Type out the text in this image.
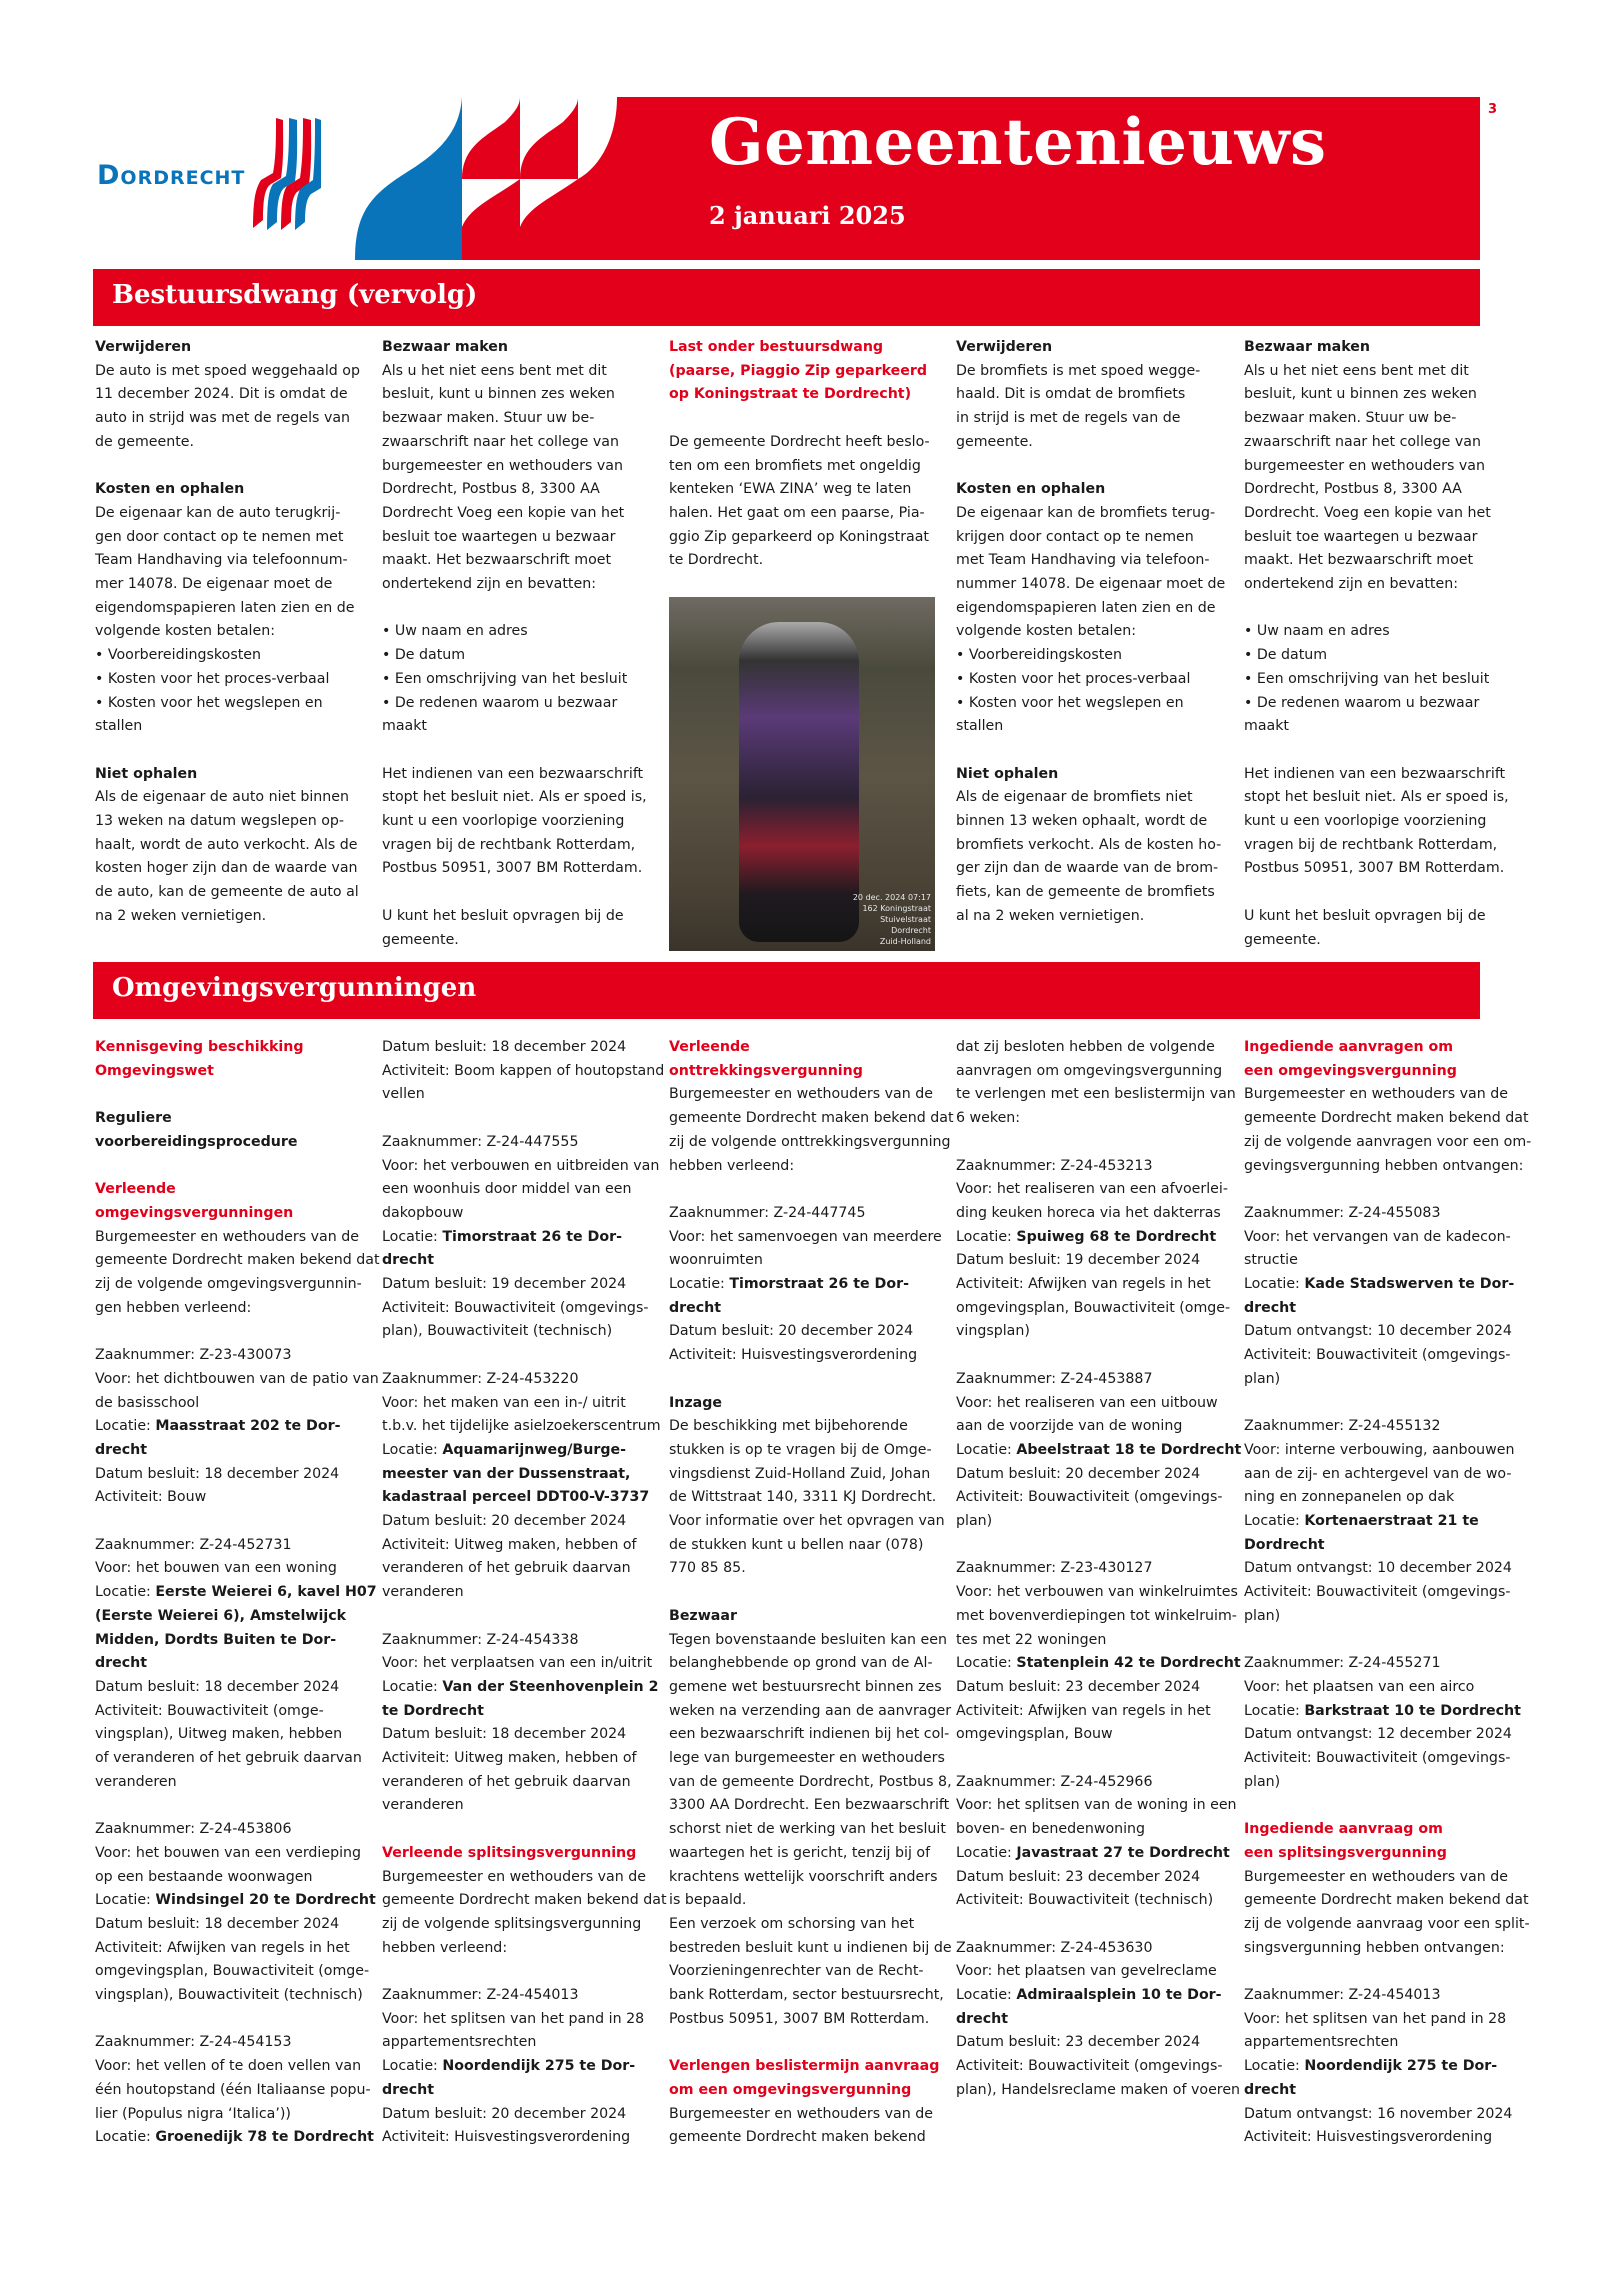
Dordrecht	Gemeentenieuws
2 januari 2025
3
Bestuursdwang (vervolg)

Verwijderen
De auto is met spoed weggehaald op
11 december 2024. Dit is omdat de
auto in strijd was met de regels van
de gemeente.

Kosten en ophalen
De eigenaar kan de auto terugkrij-
gen door contact op te nemen met
Team Handhaving via telefoonnum-
mer 14078. De eigenaar moet de
eigendomspapieren laten zien en de
volgende kosten betalen:
• Voorbereidingskosten
• Kosten voor het proces-verbaal
• Kosten voor het wegslepen en
stallen

Niet ophalen
Als de eigenaar de auto niet binnen
13 weken na datum wegslepen op-
haalt, wordt de auto verkocht. Als de
kosten hoger zijn dan de waarde van
de auto, kan de gemeente de auto al
na 2 weken vernietigen.

Bezwaar maken
Als u het niet eens bent met dit
besluit, kunt u binnen zes weken
bezwaar maken. Stuur uw be-
zwaarschrift naar het college van
burgemeester en wethouders van
Dordrecht, Postbus 8, 3300 AA
Dordrecht Voeg een kopie van het
besluit toe waartegen u bezwaar
maakt. Het bezwaarschrift moet
ondertekend zijn en bevatten:

• Uw naam en adres
• De datum
• Een omschrijving van het besluit
• De redenen waarom u bezwaar
maakt

Het indienen van een bezwaarschrift
stopt het besluit niet. Als er spoed is,
kunt u een voorlopige voorziening
vragen bij de rechtbank Rotterdam,
Postbus 50951, 3007 BM Rotterdam.

U kunt het besluit opvragen bij de
gemeente.

Last onder bestuursdwang
(paarse, Piaggio Zip geparkeerd
op Koningstraat te Dordrecht)

De gemeente Dordrecht heeft beslo-
ten om een bromfiets met ongeldig
kenteken ‘EWA ZINA’ weg te laten
halen. Het gaat om een paarse, Pia-
ggio Zip geparkeerd op Koningstraat
te Dordrecht.

20 dec. 2024 07:17
162 Koningstraat
Stuivelstraat
Dordrecht
Zuid-Holland

Verwijderen
De bromfiets is met spoed wegge-
haald. Dit is omdat de bromfiets
in strijd is met de regels van de
gemeente.

Kosten en ophalen
De eigenaar kan de bromfiets terug-
krijgen door contact op te nemen
met Team Handhaving via telefoon-
nummer 14078. De eigenaar moet de
eigendomspapieren laten zien en de
volgende kosten betalen:
• Voorbereidingskosten
• Kosten voor het proces-verbaal
• Kosten voor het wegslepen en
stallen

Niet ophalen
Als de eigenaar de bromfiets niet
binnen 13 weken ophaalt, wordt de
bromfiets verkocht. Als de kosten ho-
ger zijn dan de waarde van de brom-
fiets, kan de gemeente de bromfiets
al na 2 weken vernietigen.

Bezwaar maken
Als u het niet eens bent met dit
besluit, kunt u binnen zes weken
bezwaar maken. Stuur uw be-
zwaarschrift naar het college van
burgemeester en wethouders van
Dordrecht, Postbus 8, 3300 AA
Dordrecht. Voeg een kopie van het
besluit toe waartegen u bezwaar
maakt. Het bezwaarschrift moet
ondertekend zijn en bevatten:

• Uw naam en adres
• De datum
• Een omschrijving van het besluit
• De redenen waarom u bezwaar
maakt

Het indienen van een bezwaarschrift
stopt het besluit niet. Als er spoed is,
kunt u een voorlopige voorziening
vragen bij de rechtbank Rotterdam,
Postbus 50951, 3007 BM Rotterdam.

U kunt het besluit opvragen bij de
gemeente.

Omgevingsvergunningen

Kennisgeving beschikking
Omgevingswet

Reguliere
voorbereidingsprocedure

Verleende
omgevingsvergunningen
Burgemeester en wethouders van de
gemeente Dordrecht maken bekend dat
zij de volgende omgevingsvergunnin-
gen hebben verleend:

Zaaknummer: Z-23-430073
Voor: het dichtbouwen van de patio van
de basisschool
Locatie: Maasstraat 202 te Dor-
drecht
Datum besluit: 18 december 2024
Activiteit: Bouw

Zaaknummer: Z-24-452731
Voor: het bouwen van een woning
Locatie: Eerste Weierei 6, kavel H07
(Eerste Weierei 6), Amstelwijck
Midden, Dordts Buiten te Dor-
drecht
Datum besluit: 18 december 2024
Activiteit: Bouwactiviteit (omge-
vingsplan), Uitweg maken, hebben
of veranderen of het gebruik daarvan
veranderen

Zaaknummer: Z-24-453806
Voor: het bouwen van een verdieping
op een bestaande woonwagen
Locatie: Windsingel 20 te Dordrecht
Datum besluit: 18 december 2024
Activiteit: Afwijken van regels in het
omgevingsplan, Bouwactiviteit (omge-
vingsplan), Bouwactiviteit (technisch)

Zaaknummer: Z-24-454153
Voor: het vellen of te doen vellen van
één houtopstand (één Italiaanse popu-
lier (Populus nigra ‘Italica’))
Locatie: Groenedijk 78 te Dordrecht

Datum besluit: 18 december 2024
Activiteit: Boom kappen of houtopstand
vellen

Zaaknummer: Z-24-447555
Voor: het verbouwen en uitbreiden van
een woonhuis door middel van een
dakopbouw
Locatie: Timorstraat 26 te Dor-
drecht
Datum besluit: 19 december 2024
Activiteit: Bouwactiviteit (omgevings-
plan), Bouwactiviteit (technisch)

Zaaknummer: Z-24-453220
Voor: het maken van een in-/ uitrit
t.b.v. het tijdelijke asielzoekerscentrum
Locatie: Aquamarijnweg/Burge-
meester van der Dussenstraat,
kadastraal perceel DDT00-V-3737
Datum besluit: 20 december 2024
Activiteit: Uitweg maken, hebben of
veranderen of het gebruik daarvan
veranderen

Zaaknummer: Z-24-454338
Voor: het verplaatsen van een in/uitrit
Locatie: Van der Steenhovenplein 2
te Dordrecht
Datum besluit: 18 december 2024
Activiteit: Uitweg maken, hebben of
veranderen of het gebruik daarvan
veranderen

Verleende splitsingsvergunning
Burgemeester en wethouders van de
gemeente Dordrecht maken bekend dat
zij de volgende splitsingsvergunning
hebben verleend:

Zaaknummer: Z-24-454013
Voor: het splitsen van het pand in 28
appartementsrechten
Locatie: Noordendijk 275 te Dor-
drecht
Datum besluit: 20 december 2024
Activiteit: Huisvestingsverordening

Verleende
onttrekkingsvergunning
Burgemeester en wethouders van de
gemeente Dordrecht maken bekend dat
zij de volgende onttrekkingsvergunning
hebben verleend:

Zaaknummer: Z-24-447745
Voor: het samenvoegen van meerdere
woonruimten
Locatie: Timorstraat 26 te Dor-
drecht
Datum besluit: 20 december 2024
Activiteit: Huisvestingsverordening

Inzage
De beschikking met bijbehorende
stukken is op te vragen bij de Omge-
vingsdienst Zuid-Holland Zuid, Johan
de Wittstraat 140, 3311 KJ Dordrecht.
Voor informatie over het opvragen van
de stukken kunt u bellen naar (078)
770 85 85.

Bezwaar
Tegen bovenstaande besluiten kan een
belanghebbende op grond van de Al-
gemene wet bestuursrecht binnen zes
weken na verzending aan de aanvrager
een bezwaarschrift indienen bij het col-
lege van burgemeester en wethouders
van de gemeente Dordrecht, Postbus 8,
3300 AA Dordrecht. Een bezwaarschrift
schorst niet de werking van het besluit
waartegen het is gericht, tenzij bij of
krachtens wettelijk voorschrift anders
is bepaald.
Een verzoek om schorsing van het
bestreden besluit kunt u indienen bij de
Voorzieningenrechter van de Recht-
bank Rotterdam, sector bestuursrecht,
Postbus 50951, 3007 BM Rotterdam.

Verlengen beslistermijn aanvraag
om een omgevingsvergunning
Burgemeester en wethouders van de
gemeente Dordrecht maken bekend

dat zij besloten hebben de volgende
aanvragen om omgevingsvergunning
te verlengen met een beslistermijn van
6 weken:

Zaaknummer: Z-24-453213
Voor: het realiseren van een afvoerlei-
ding keuken horeca via het dakterras
Locatie: Spuiweg 68 te Dordrecht
Datum besluit: 19 december 2024
Activiteit: Afwijken van regels in het
omgevingsplan, Bouwactiviteit (omge-
vingsplan)

Zaaknummer: Z-24-453887
Voor: het realiseren van een uitbouw
aan de voorzijde van de woning
Locatie: Abeelstraat 18 te Dordrecht
Datum besluit: 20 december 2024
Activiteit: Bouwactiviteit (omgevings-
plan)

Zaaknummer: Z-23-430127
Voor: het verbouwen van winkelruimtes
met bovenverdiepingen tot winkelruim-
tes met 22 woningen
Locatie: Statenplein 42 te Dordrecht
Datum besluit: 23 december 2024
Activiteit: Afwijken van regels in het
omgevingsplan, Bouw

Zaaknummer: Z-24-452966
Voor: het splitsen van de woning in een
boven- en benedenwoning
Locatie: Javastraat 27 te Dordrecht
Datum besluit: 23 december 2024
Activiteit: Bouwactiviteit (technisch)

Zaaknummer: Z-24-453630
Voor: het plaatsen van gevelreclame
Locatie: Admiraalsplein 10 te Dor-
drecht
Datum besluit: 23 december 2024
Activiteit: Bouwactiviteit (omgevings-
plan), Handelsreclame maken of voeren

Ingediende aanvragen om
een omgevingsvergunning
Burgemeester en wethouders van de
gemeente Dordrecht maken bekend dat
zij de volgende aanvragen voor een om-
gevingsvergunning hebben ontvangen:

Zaaknummer: Z-24-455083
Voor: het vervangen van de kadecon-
structie
Locatie: Kade Stadswerven te Dor-
drecht
Datum ontvangst: 10 december 2024
Activiteit: Bouwactiviteit (omgevings-
plan)

Zaaknummer: Z-24-455132
Voor: interne verbouwing, aanbouwen
aan de zij- en achtergevel van de wo-
ning en zonnepanelen op dak
Locatie: Kortenaerstraat 21 te
Dordrecht
Datum ontvangst: 10 december 2024
Activiteit: Bouwactiviteit (omgevings-
plan)

Zaaknummer: Z-24-455271
Voor: het plaatsen van een airco
Locatie: Barkstraat 10 te Dordrecht
Datum ontvangst: 12 december 2024
Activiteit: Bouwactiviteit (omgevings-
plan)

Ingediende aanvraag om
een splitsingsvergunning
Burgemeester en wethouders van de
gemeente Dordrecht maken bekend dat
zij de volgende aanvraag voor een split-
singsvergunning hebben ontvangen:

Zaaknummer: Z-24-454013
Voor: het splitsen van het pand in 28
appartementsrechten
Locatie: Noordendijk 275 te Dor-
drecht
Datum ontvangst: 16 november 2024
Activiteit: Huisvestingsverordening
